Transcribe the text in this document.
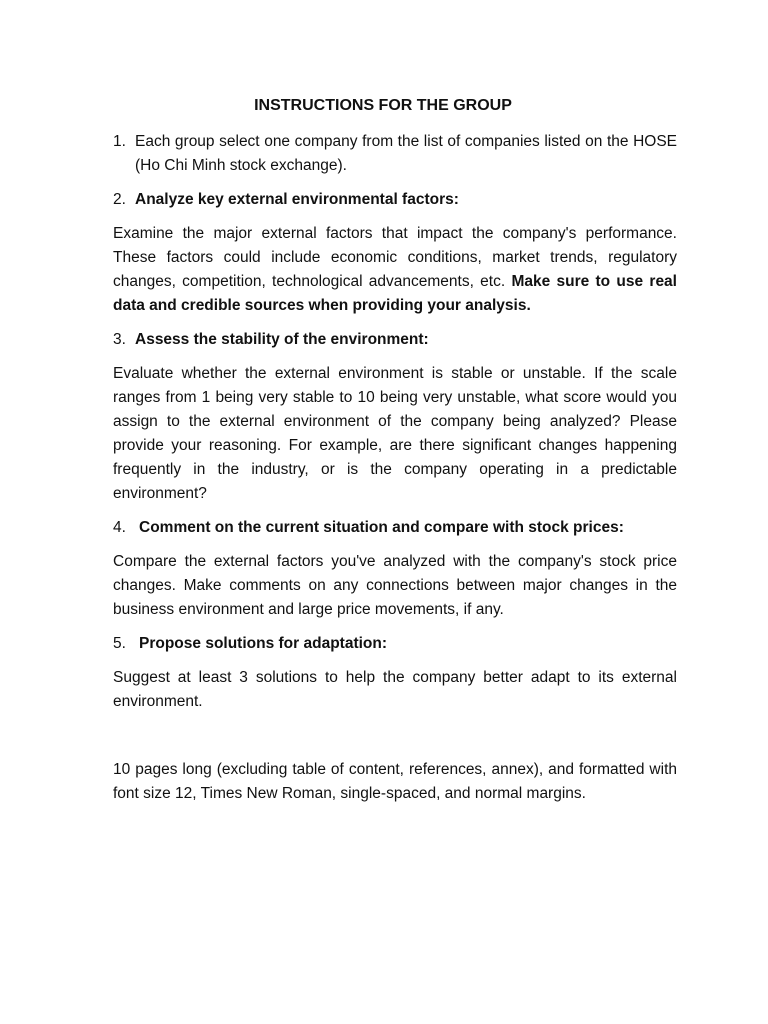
INSTRUCTIONS FOR THE GROUP

1. Each group select one company from the list of companies listed on the HOSE (Ho Chi Minh stock exchange).
2. Analyze key external environmental factors:

Examine the major external factors that impact the company's performance. These factors could include economic conditions, market trends, regulatory changes, competition, technological advancements, etc. Make sure to use real data and credible sources when providing your analysis.

3. Assess the stability of the environment:

Evaluate whether the external environment is stable or unstable. If the scale ranges from 1 being very stable to 10 being very unstable, what score would you assign to the external environment of the company being analyzed? Please provide your reasoning. For example, are there significant changes happening frequently in the industry, or is the company operating in a predictable environment?

4. Comment on the current situation and compare with stock prices:

Compare the external factors you've analyzed with the company's stock price changes. Make comments on any connections between major changes in the business environment and large price movements, if any.

5. Propose solutions for adaptation:

Suggest at least 3 solutions to help the company better adapt to its external environment.

10 pages long (excluding table of content, references, annex), and formatted with font size 12, Times New Roman, single-spaced, and normal margins.
